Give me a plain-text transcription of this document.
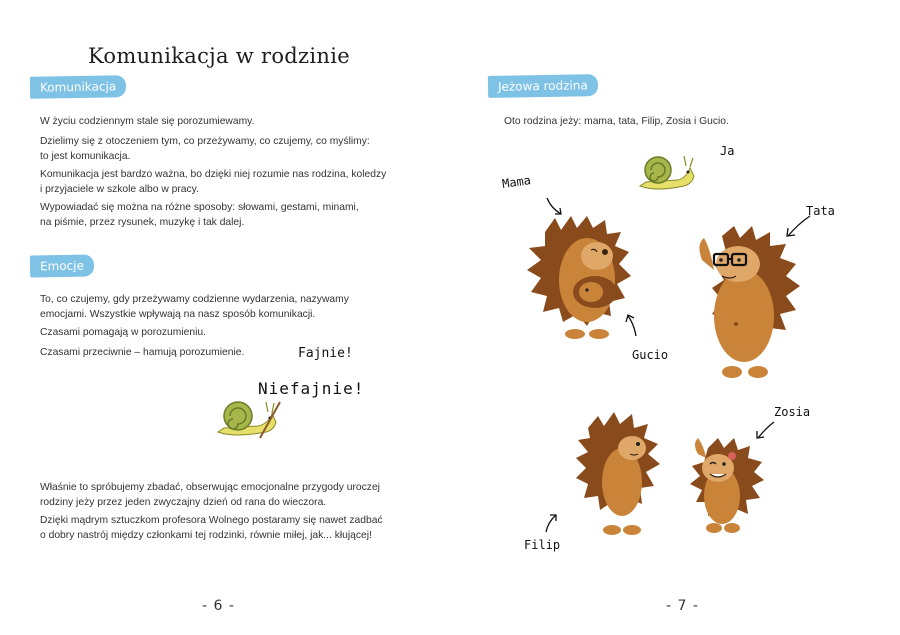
Komunikacja w rodzinie
Komunikacja

W życiu codziennym stale się porozumiewamy.

Dzielimy się z otoczeniem tym, co przeżywamy, co czujemy, co myślimy:
to jest komunikacja.

Komunikacja jest bardzo ważna, bo dzięki niej rozumie nas rodzina, koledzy
i przyjaciele w szkole albo w pracy.

Wypowiadać się można na różne sposoby: słowami, gestami, minami,
na piśmie, przez rysunek, muzykę i tak dalej.

Emocje

To, co czujemy, gdy przeżywamy codzienne wydarzenia, nazywamy
emocjami. Wszystkie wpływają na nasz sposób komunikacji.

Czasami pomagają w porozumieniu.

Czasami przeciwnie – hamują porozumienie.	Fajnie!
Niefajnie!

Właśnie to spróbujemy zbadać, obserwując emocjonalne przygody uroczej
rodziny jeży przez jeden zwyczajny dzień od rana do wieczora.

Dzięki mądrym sztuczkom profesora Wolnego postaramy się nawet zadbać
o dobry nastrój między członkami tej rodzinki, równie miłej, jak... kłującej!

- 6 -
Jeżowa rodzina

Oto rodzina jeży: mama, tata, Filip, Zosia i Gucio.

Ja
Mama
Gucio
Tata
Filip
Zosia
- 7 -
